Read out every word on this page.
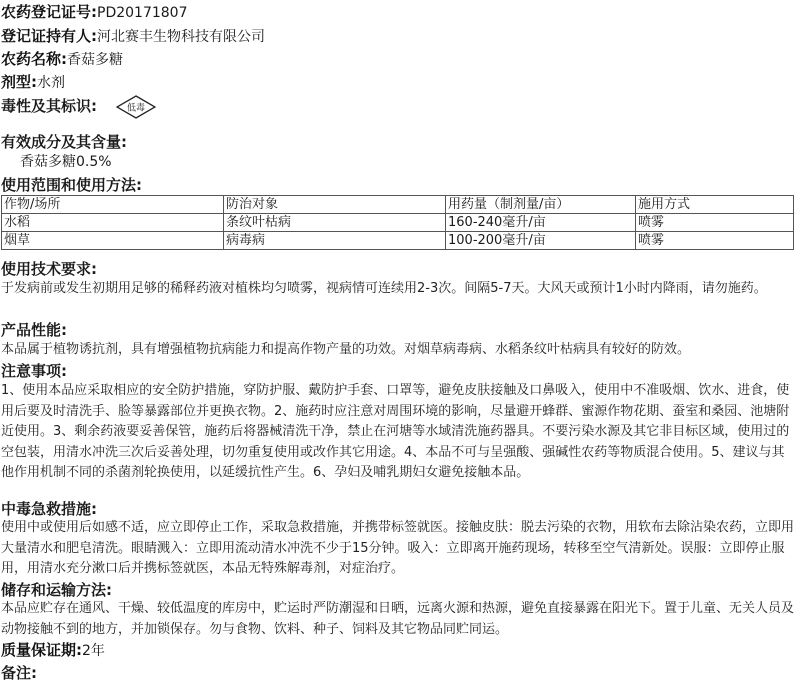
农药登记证号:PD20171807
登记证持有人:河北赛丰生物科技有限公司
农药名称:香菇多糖
剂型:水剂
毒性及其标识:	低毒
有效成分及其含量:
香菇多糖0.5%
使用范围和使用方法:
作物/场所	防治对象	用药量（制剂量/亩）	施用方式
水稻	条纹叶枯病	160-240毫升/亩	喷雾
烟草	病毒病	100-200毫升/亩	喷雾
使用技术要求:
于发病前或发生初期用足够的稀释药液对植株均匀喷雾，视病情可连续用2-3次。间隔5-7天。大风天或预计1小时内降雨，请勿施药。
产品性能:
本品属于植物诱抗剂，具有增强植物抗病能力和提高作物产量的功效。对烟草病毒病、水稻条纹叶枯病具有较好的防效。
注意事项:
1、使用本品应采取相应的安全防护措施，穿防护服、戴防护手套、口罩等，避免皮肤接触及口鼻吸入，使用中不准吸烟、饮水、进食，使用后要及时清洗手、脸等暴露部位并更换衣物。2、施药时应注意对周围环境的影响，尽量避开蜂群、蜜源作物花期、蚕室和桑园、池塘附近使用。3、剩余药液要妥善保管，施药后将器械清洗干净，禁止在河塘等水域清洗施药器具。不要污染水源及其它非目标区域，使用过的空包装，用清水冲洗三次后妥善处理，切勿重复使用或改作其它用途。4、本品不可与呈强酸、强碱性农药等物质混合使用。5、建议与其他作用机制不同的杀菌剂轮换使用，以延缓抗性产生。6、孕妇及哺乳期妇女避免接触本品。
中毒急救措施:
使用中或使用后如感不适，应立即停止工作，采取急救措施，并携带标签就医。接触皮肤：脱去污染的衣物，用软布去除沾染农药，立即用大量清水和肥皂清洗。眼睛溅入：立即用流动清水冲洗不少于15分钟。吸入：立即离开施药现场，转移至空气清新处。误服：立即停止服用，用清水充分漱口后并携标签就医，本品无特殊解毒剂，对症治疗。
储存和运输方法:
本品应贮存在通风、干燥、较低温度的库房中，贮运时严防潮湿和日晒，远离火源和热源，避免直接暴露在阳光下。置于儿童、无关人员及动物接触不到的地方，并加锁保存。勿与食物、饮料、种子、饲料及其它物品同贮同运。
质量保证期:2年
备注:
